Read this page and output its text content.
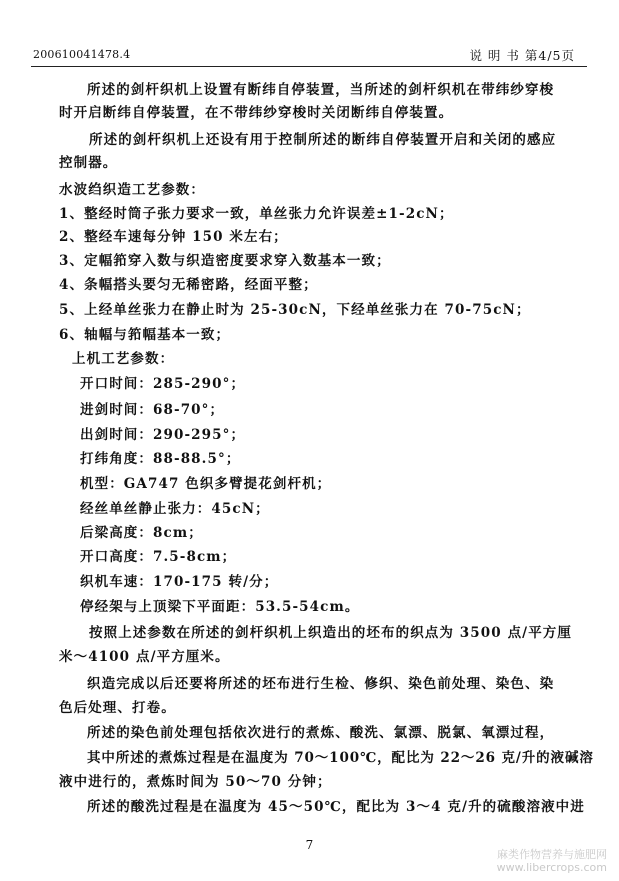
200610041478.4	说 明 书 第4/5页
所述的剑杆织机上设置有断纬自停装置，当所述的剑杆织机在带纬纱穿梭
时开启断纬自停装置，在不带纬纱穿梭时关闭断纬自停装置。
所述的剑杆织机上还设有用于控制所述的断纬自停装置开启和关闭的感应
控制器。
水波绉织造工艺参数：
1、整经时筒子张力要求一致，单丝张力允许误差±1-2cN；
2、整经车速每分钟 150 米左右；
3、定幅筘穿入数与织造密度要求穿入数基本一致；
4、条幅搭头要匀无稀密路，经面平整；
5、上经单丝张力在静止时为 25-30cN，下经单丝张力在 70-75cN；
6、轴幅与筘幅基本一致；
上机工艺参数：
开口时间：285-290°；
进剑时间：68-70°；
出剑时间：290-295°；
打纬角度：88-88.5°；
机型：GA747 色织多臂提花剑杆机；
经丝单丝静止张力：45cN；
后梁高度：8cm；
开口高度：7.5-8cm；
织机车速：170-175 转/分；
停经架与上顶梁下平面距：53.5-54cm。
按照上述参数在所述的剑杆织机上织造出的坯布的织点为 3500 点/平方厘
米～4100 点/平方厘米。
织造完成以后还要将所述的坯布进行生检、修织、染色前处理、染色、染
色后处理、打卷。
所述的染色前处理包括依次进行的煮炼、酸洗、氯漂、脱氯、氧漂过程，
其中所述的煮炼过程是在温度为 70～100℃，配比为 22～26 克/升的液碱溶
液中进行的，煮炼时间为 50～70 分钟；
所述的酸洗过程是在温度为 45～50℃，配比为 3～4 克/升的硫酸溶液中进
7
麻类作物营养与施肥网
www.libercrops.com
